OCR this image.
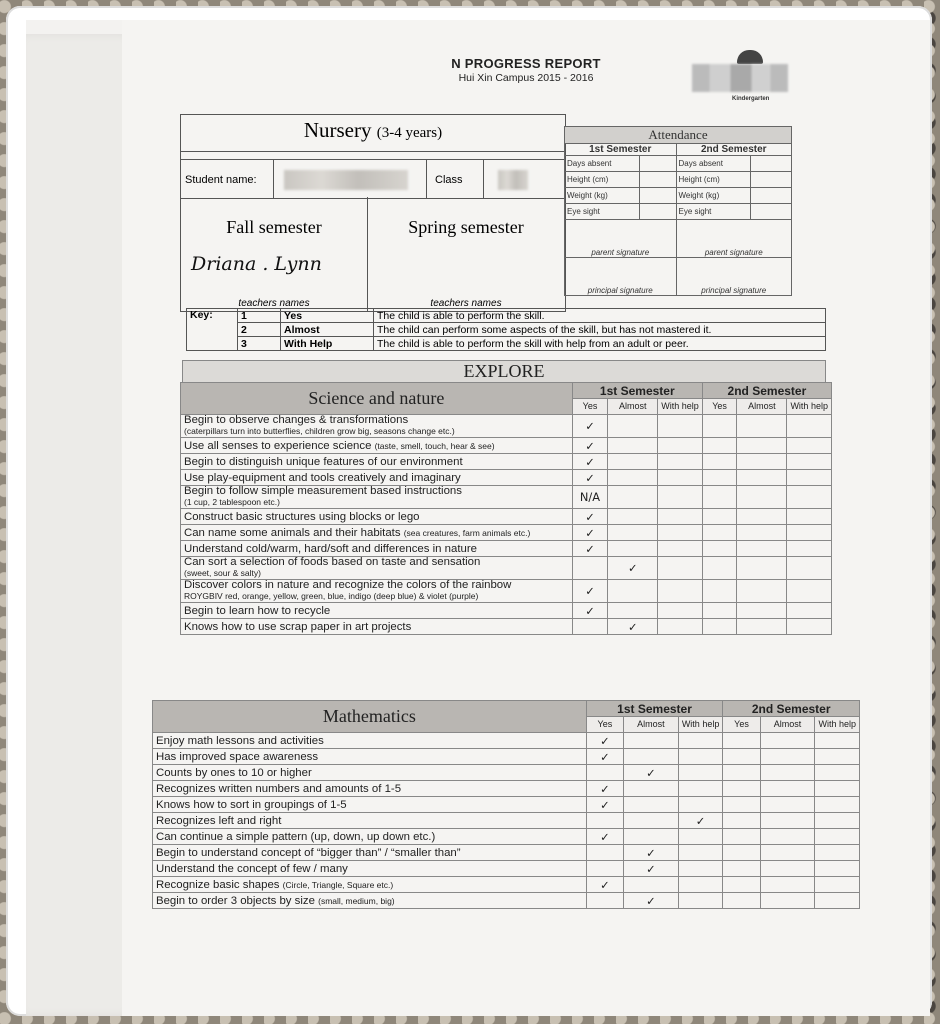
N PROGRESS REPORT
Hui Xin Campus 2015 - 2016
Kindergarten
Nursery (3-4 years)
Student name:	Class
Fall semester
Driana . Lynn
teachers names
Spring semester
teachers names
Attendance			
1st Semester		2nd Semester	
Days absent		Days absent	
Height (cm)		Height (cm)	
Weight (kg)		Weight (kg)	
Eye sight		Eye sight	
parent signature		parent signature	
principal signature		principal signature	
Key:	1	Yes	The child is able to perform the skill.
	2	Almost	The child can perform some aspects of the skill, but has not mastered it.
	3	With Help	The child is able to perform the skill with help from an adult or peer.
EXPLORE
Science and nature	1st Semester			2nd Semester		
	Yes	Almost	With help	Yes	Almost	With help
Begin to observe changes & transformations
(caterpillars turn into butterflies, children grow big, seasons change etc.)	✓					
Use all senses to experience science (taste, smell, touch, hear & see)	✓					
Begin to distinguish unique features of our environment	✓					
Use play-equipment and tools creatively and imaginary	✓					
Begin to follow simple measurement based instructions
(1 cup, 2 tablespoon etc.)	N/A					
Construct basic structures using blocks or lego	✓					
Can name some animals and their habitats (sea creatures, farm animals etc.)	✓					
Understand cold/warm, hard/soft and differences in nature	✓					
Can sort a selection of foods based on taste and sensation
(sweet, sour & salty)		✓				
Discover colors in nature and recognize the colors of the rainbow
ROYGBIV red, orange, yellow, green, blue, indigo (deep blue) & violet (purple)	✓					
Begin to learn how to recycle	✓					
Knows how to use scrap paper in art projects		✓				
Mathematics	1st Semester			2nd Semester		
	Yes	Almost	With help	Yes	Almost	With help
Enjoy math lessons and activities	✓					
Has improved space awareness	✓					
Counts by ones to 10 or higher		✓				
Recognizes written numbers and amounts of 1-5	✓					
Knows how to sort in groupings of 1-5	✓					
Recognizes left and right			✓			
Can continue a simple pattern (up, down, up down etc.)	✓					
Begin to understand concept of “bigger than” / “smaller than”		✓				
Understand the concept of few / many		✓				
Recognize basic shapes (Circle, Triangle, Square etc.)	✓					
Begin to order 3 objects by size (small, medium, big)		✓				
